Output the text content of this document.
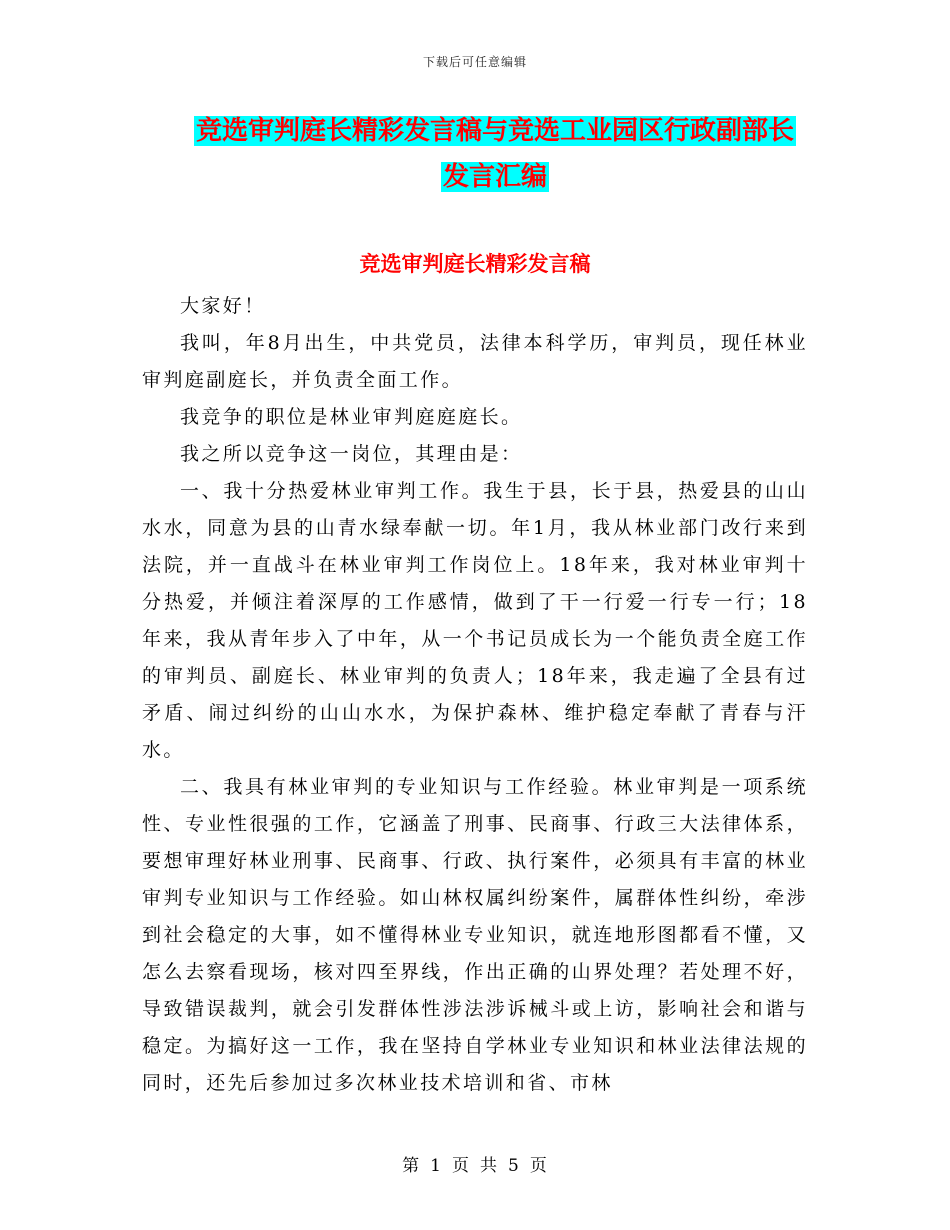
下载后可任意编辑
竞选审判庭长精彩发言稿与竞选工业园区行政副部长
发言汇编
竞选审判庭长精彩发言稿

大家好！

我叫，年8月出生，中共党员，法律本科学历，审判员，现任林业审判庭副庭长，并负责全面工作。

我竞争的职位是林业审判庭庭庭长。

我之所以竞争这一岗位，其理由是：

一、我十分热爱林业审判工作。我生于县，长于县，热爱县的山山水水，同意为县的山青水绿奉献一切。年1月，我从林业部门改行来到法院，并一直战斗在林业审判工作岗位上。18年来，我对林业审判十分热爱，并倾注着深厚的工作感情，做到了干一行爱一行专一行；18年来，我从青年步入了中年，从一个书记员成长为一个能负责全庭工作的审判员、副庭长、林业审判的负责人；18年来，我走遍了全县有过矛盾、闹过纠纷的山山水水，为保护森林、维护稳定奉献了青春与汗水。

二、我具有林业审判的专业知识与工作经验。林业审判是一项系统性、专业性很强的工作，它涵盖了刑事、民商事、行政三大法律体系，要想审理好林业刑事、民商事、行政、执行案件，必须具有丰富的林业审判专业知识与工作经验。如山林权属纠纷案件，属群体性纠纷，牵涉到社会稳定的大事，如不懂得林业专业知识，就连地形图都看不懂，又怎么去察看现场，核对四至界线，作出正确的山界处理？若处理不好，导致错误裁判，就会引发群体性涉法涉诉械斗或上访，影响社会和谐与稳定。为搞好这一工作，我在坚持自学林业专业知识和林业法律法规的同时，还先后参加过多次林业技术培训和省、市林

第 1 页 共 5 页
